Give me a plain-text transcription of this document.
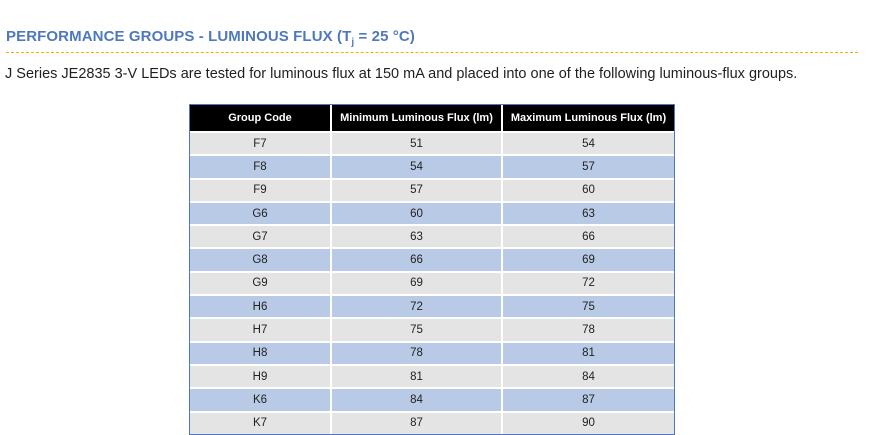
PERFORMANCE GROUPS - LUMINOUS FLUX ($T_j = 25$ °C)
J Series JE2835 3-V LEDs are tested for luminous flux at 150 mA and placed into one of the following luminous-flux groups.
Group Code	Minimum Luminous Flux (lm)	Maximum Luminous Flux (lm)
F7	51	54
F8	54	57
F9	57	60
G6	60	63
G7	63	66
G8	66	69
G9	69	72
H6	72	75
H7	75	78
H8	78	81
H9	81	84
K6	84	87
K7	87	90
